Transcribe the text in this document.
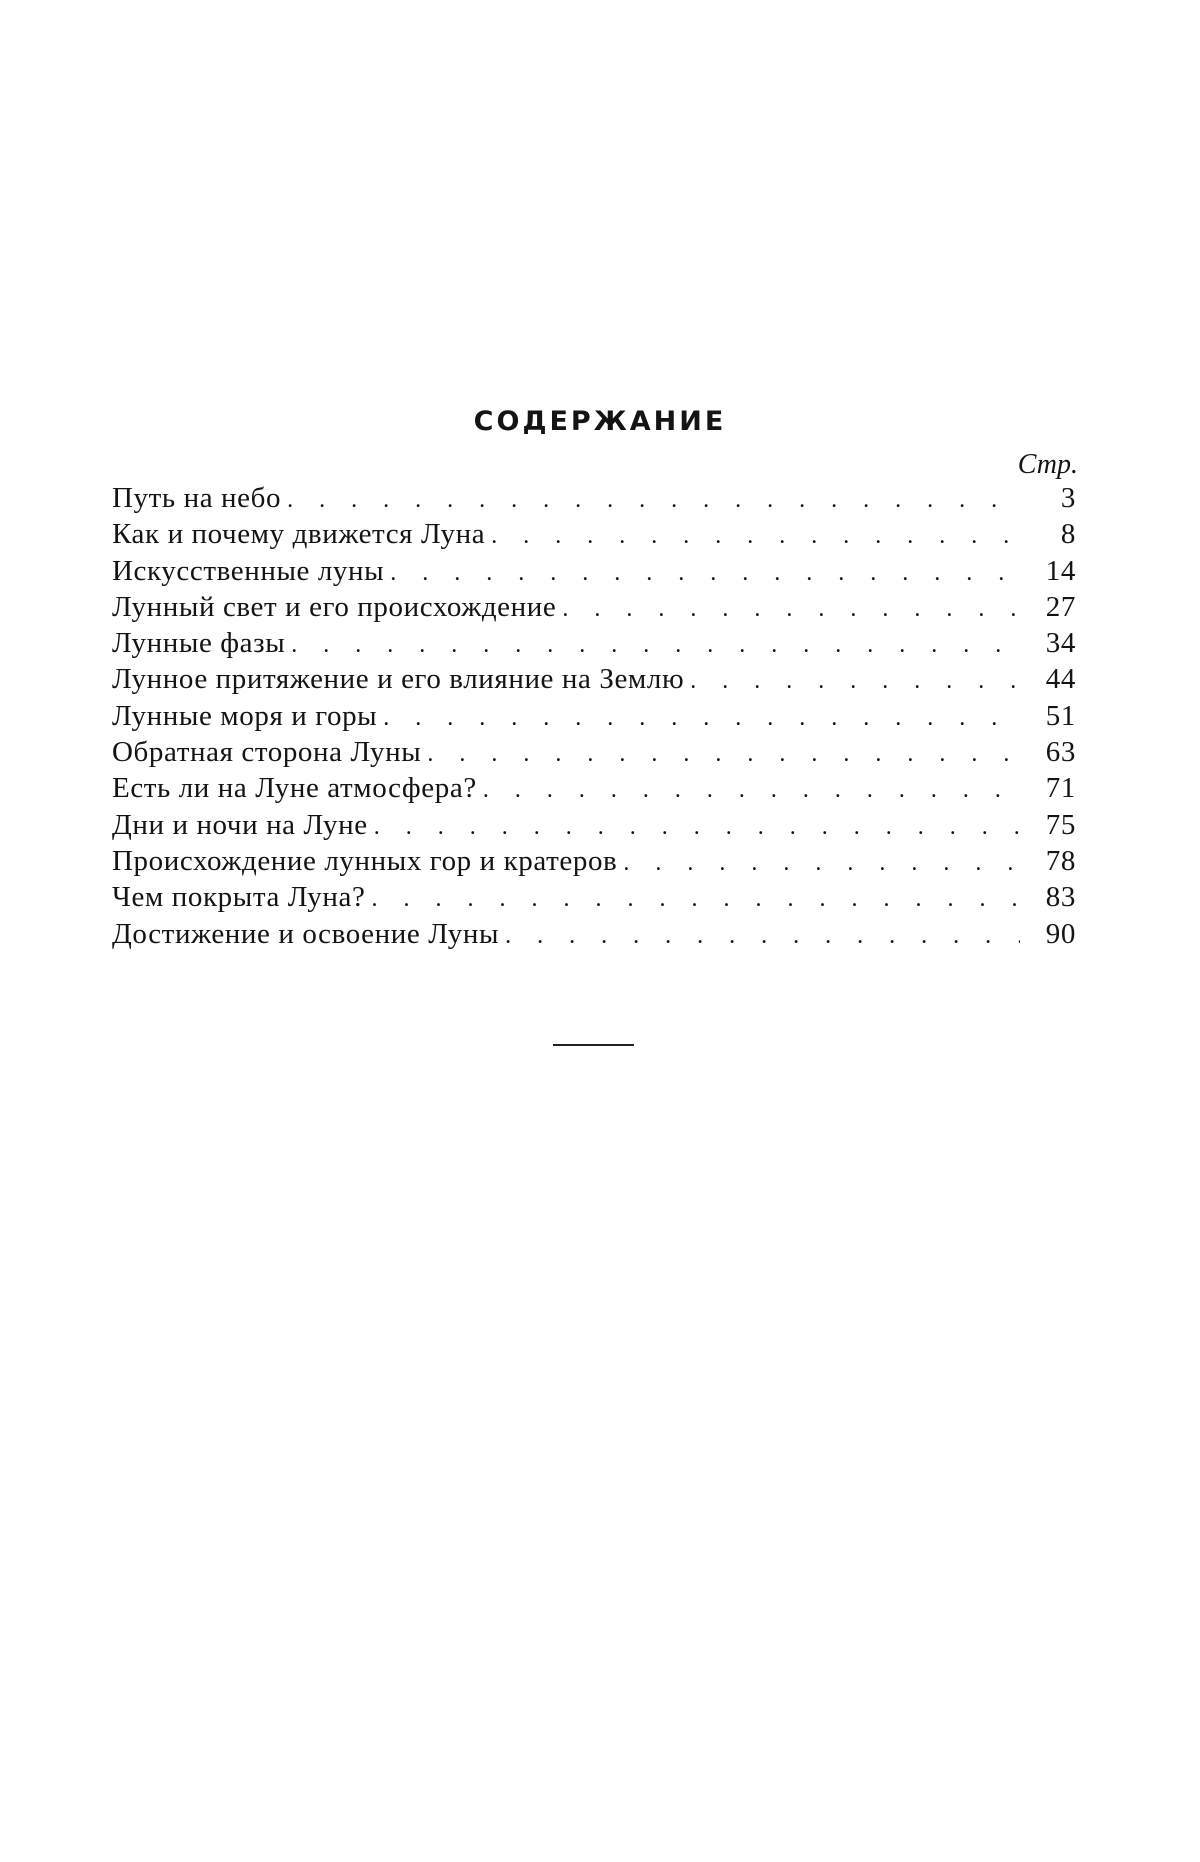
СОДЕРЖАНИЕ
Стр.
Путь на небо . . .	3
Как и почему движется Луна . . .	8
Искусственные луны . . .	14
Лунный свет и его происхождение . . .	27
Лунные фазы . . .	34
Лунное притяжение и его влияние на Землю . . .	44
Лунные моря и горы . . .	51
Обратная сторона Луны . . .	63
Есть ли на Луне атмосфера? . . .	71
Дни и ночи на Луне . . .	75
Происхождение лунных гор и кратеров . . .	78
Чем покрыта Луна? . . .	83
Достижение и освоение Луны . . .	90
